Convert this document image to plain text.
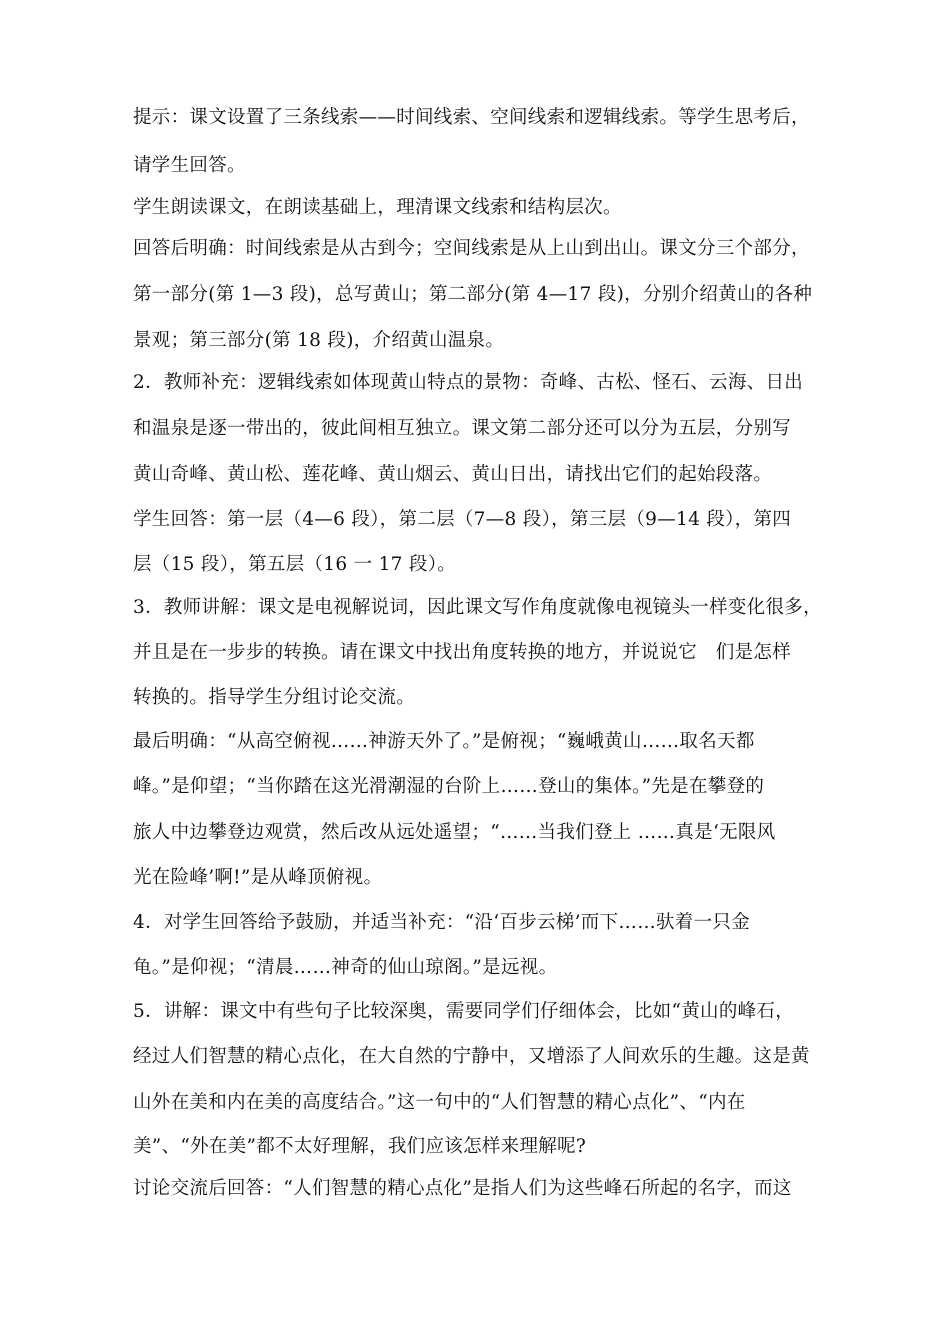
提示：课文设置了三条线索——时间线索、空间线索和逻辑线索。等学生思考后，
请学生回答。
学生朗读课文，在朗读基础上，理清课文线索和结构层次。
回答后明确：时间线索是从古到今；空间线索是从上山到出山。课文分三个部分，
第一部分(第 1—3 段)，总写黄山；第二部分(第 4—17 段)，分别介绍黄山的各种
景观；第三部分(第 18 段)，介绍黄山温泉。
2．教师补充：逻辑线索如体现黄山特点的景物：奇峰、古松、怪石、云海、日出
和温泉是逐一带出的，彼此间相互独立。课文第二部分还可以分为五层，分别写
黄山奇峰、黄山松、莲花峰、黄山烟云、黄山日出，请找出它们的起始段落。
学生回答：第一层（4—6 段），第二层（7—8 段），第三层（9—14 段），第四
层（15 段），第五层（16 一 17 段）。
3．教师讲解：课文是电视解说词，因此课文写作角度就像电视镜头一样变化很多，
并且是在一步步的转换。请在课文中找出角度转换的地方，并说说它　们是怎样
转换的。指导学生分组讨论交流。
最后明确：“从高空俯视……神游天外了。”是俯视；“巍峨黄山……取名天都
峰。”是仰望；“当你踏在这光滑潮湿的台阶上……登山的集体。”先是在攀登的
旅人中边攀登边观赏，然后改从远处遥望；“……当我们登上 ……真是‘无限风
光在险峰’啊!”是从峰顶俯视。
4．对学生回答给予鼓励，并适当补充：“沿‘百步云梯’而下……驮着一只金
龟。”是仰视；“清晨……神奇的仙山琼阁。”是远视。
5．讲解：课文中有些句子比较深奥，需要同学们仔细体会，比如“黄山的峰石，
经过人们智慧的精心点化，在大自然的宁静中，又增添了人间欢乐的生趣。这是黄
山外在美和内在美的高度结合。”这一句中的“人们智慧的精心点化”、“内在
美”、“外在美”都不太好理解，我们应该怎样来理解呢?
讨论交流后回答：“人们智慧的精心点化”是指人们为这些峰石所起的名字，而这
